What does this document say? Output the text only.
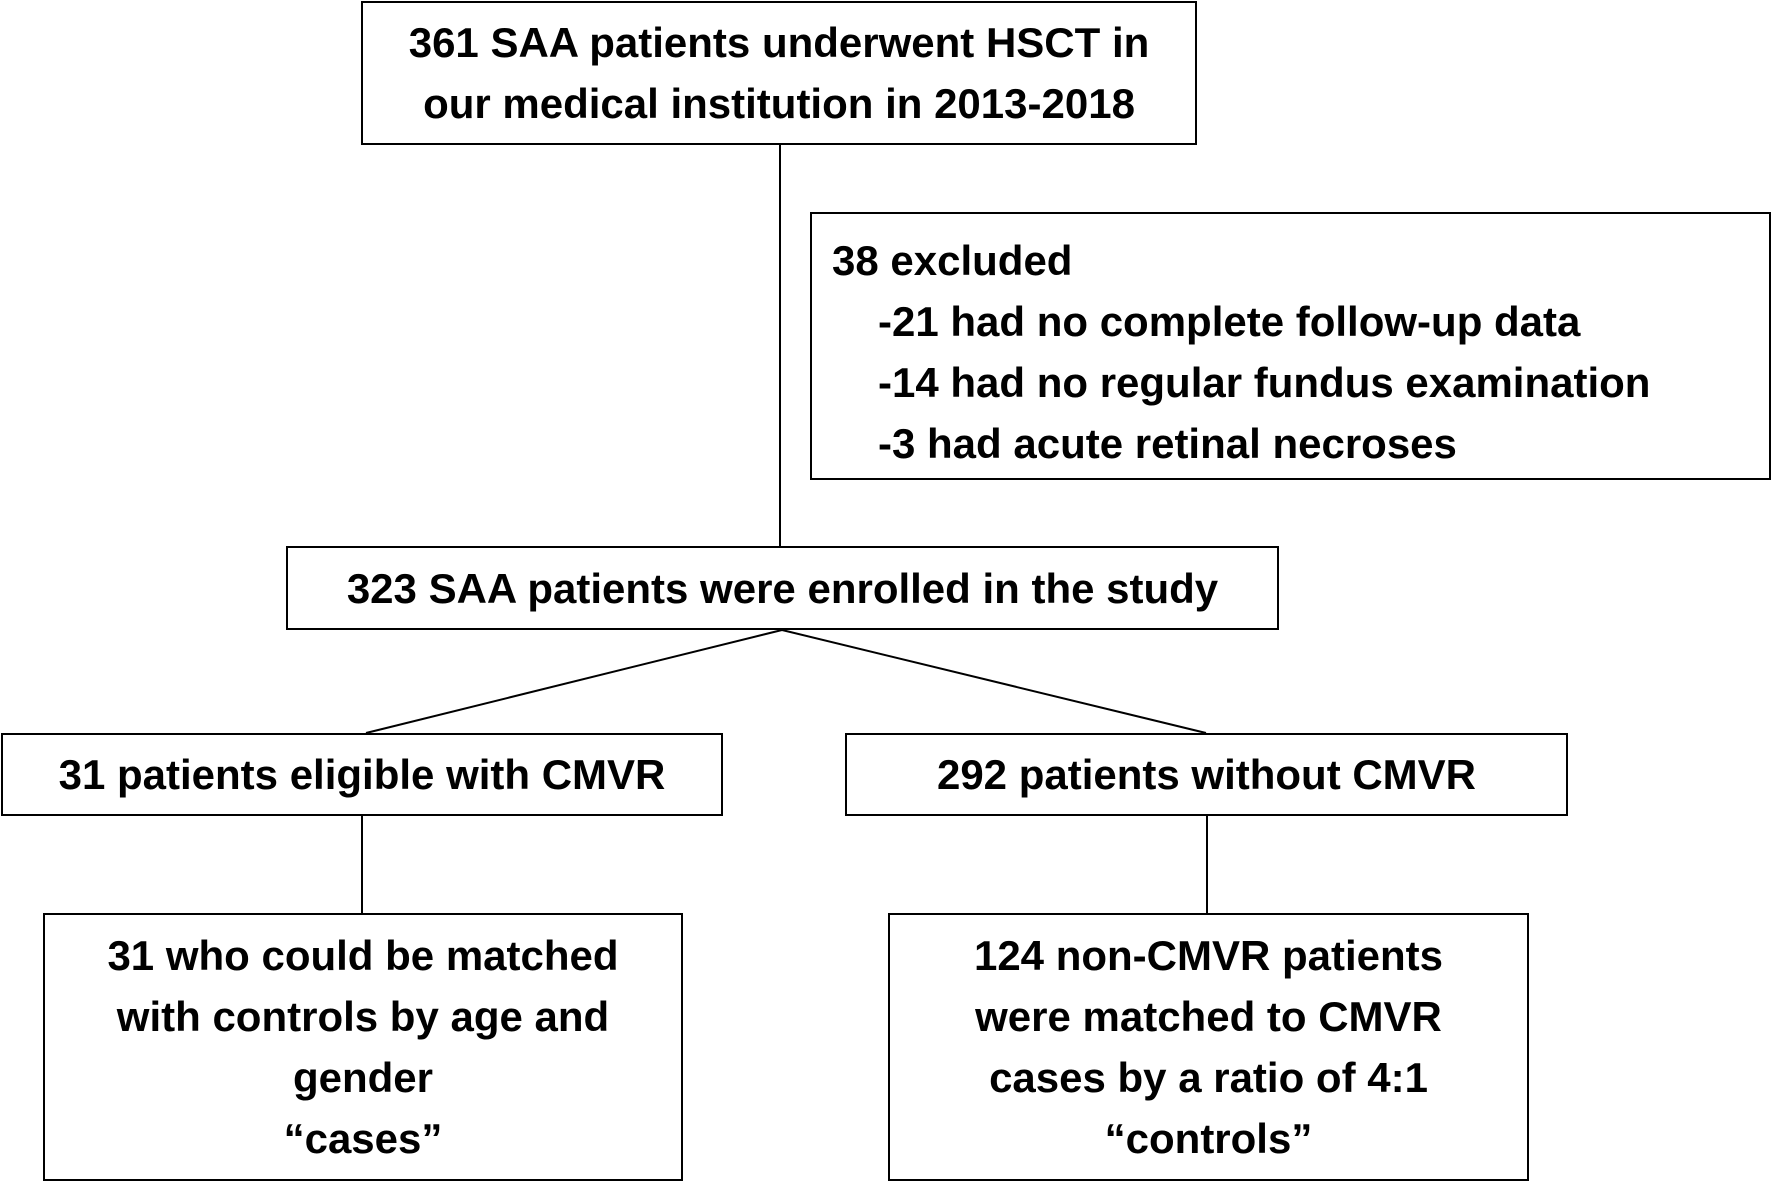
361 SAA patients underwent HSCT in
our medical institution in 2013-2018
38 excluded
-21 had no complete follow-up data
-14 had no regular fundus examination
-3 had acute retinal necroses
323 SAA patients were enrolled in the study
31 patients eligible with CMVR	292 patients without CMVR
31 who could be matched
with controls by age and
gender
“cases”
124 non-CMVR patients
were matched to CMVR
cases by a ratio of 4:1
“controls”
